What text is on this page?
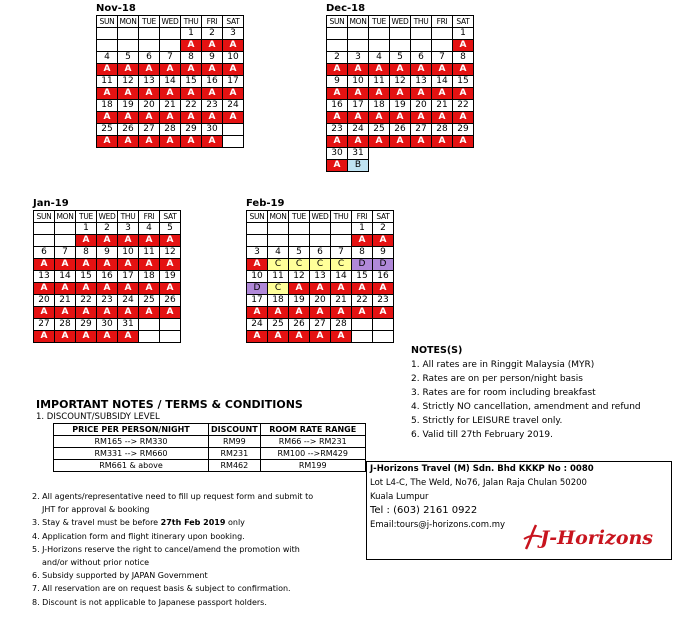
Nov-18
SUN	MON	TUE	WED	THU	FRI	SAT
				1	2	3
				A	A	A
4	5	6	7	8	9	10
A	A	A	A	A	A	A
11	12	13	14	15	16	17
A	A	A	A	A	A	A
18	19	20	21	22	23	24
A	A	A	A	A	A	A
25	26	27	28	29	30	
A	A	A	A	A	A	
Dec-18
SUN	MON	TUE	WED	THU	FRI	SAT
						1
						A
2	3	4	5	6	7	8
A	A	A	A	A	A	A
9	10	11	12	13	14	15
A	A	A	A	A	A	A
16	17	18	19	20	21	22
A	A	A	A	A	A	A
23	24	25	26	27	28	29
A	A	A	A	A	A	A
30	31					
A	B					
Jan-19
SUN	MON	TUE	WED	THU	FRI	SAT
		1	2	3	4	5
		A	A	A	A	A
6	7	8	9	10	11	12
A	A	A	A	A	A	A
13	14	15	16	17	18	19
A	A	A	A	A	A	A
20	21	22	23	24	25	26
A	A	A	A	A	A	A
27	28	29	30	31		
A	A	A	A	A		
Feb-19
SUN	MON	TUE	WED	THU	FRI	SAT
					1	2
					A	A
3	4	5	6	7	8	9
A	C	C	C	C	D	D
10	11	12	13	14	15	16
D	C	A	A	A	A	A
17	18	19	20	21	22	23
A	A	A	A	A	A	A
24	25	26	27	28		
A	A	A	A	A		
NOTES(S)
1. All rates are in Ringgit Malaysia (MYR)
2. Rates are on per person/night basis
3. Rates are for room including breakfast
4. Strictly NO cancellation, amendment and refund
5. Strictly for LEISURE travel only.
6. Valid till 27th February 2019.
IMPORTANT NOTES / TERMS & CONDITIONS
1. DISCOUNT/SUBSIDY LEVEL
PRICE PER PERSON/NIGHT	DISCOUNT	ROOM RATE RANGE
RM165 --> RM330	RM99	RM66 --> RM231
RM331 --> RM660	RM231	RM100 -->RM429
RM661 & above	RM462	RM199
2. All agents/representative need to fill up request form and submit to
JHT for approval & booking
3. Stay & travel must be before 27th Feb 2019 only
4. Application form and flight itinerary upon booking.
5. J-Horizons reserve the right to cancel/amend the promotion with
and/or without prior notice
6. Subsidy supported by JAPAN Government
7. All reservation are on request basis & subject to confirmation.
8. Discount is not applicable to Japanese passport holders.
J-Horizons Travel (M) Sdn. Bhd KKKP No : 0080
Lot L4-C, The Weld, No76, Jalan Raja Chulan 50200
Kuala Lumpur
Tel : (603) 2161 0922
Email:tours@j-horizons.com.my
J-Horizons
